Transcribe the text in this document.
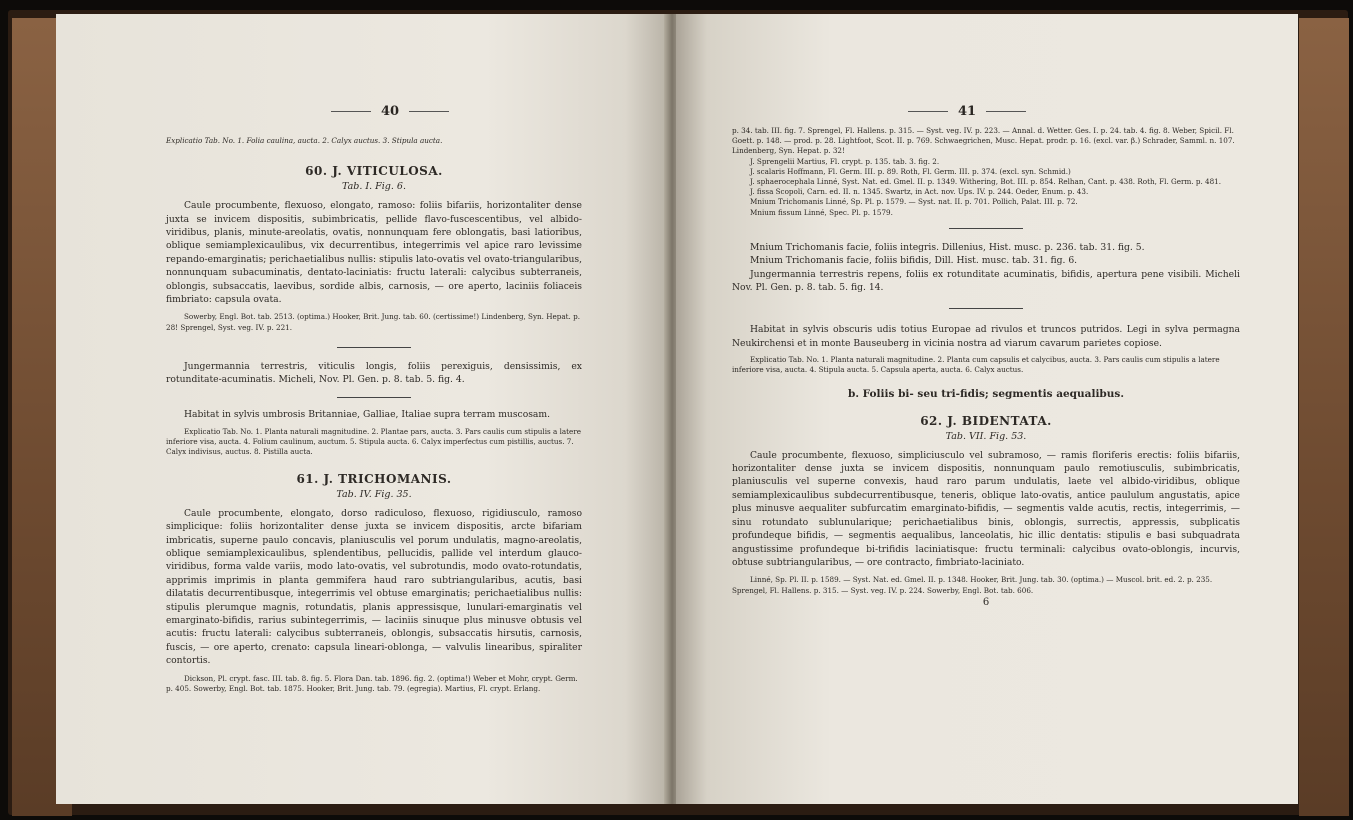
40

Explicatio Tab. No. 1. Folia caulina, aucta. 2. Calyx auctus. 3. Stipula aucta.

60. J. VITICULOSA.

Tab. I. Fig. 6.

Caule procumbente, flexuoso, elongato, ramoso: foliis bifariis, horizontaliter dense juxta se invicem dispositis, subimbricatis, pellide flavo-fuscescentibus, vel albido-viridibus, planis, minute-areolatis, ovatis, nonnunquam fere oblongatis, basi latioribus, oblique semiamplexicaulibus, vix decurrentibus, integerrimis vel apice raro levissime repando-emarginatis; perichaetialibus nullis: stipulis lato-ovatis vel ovato-triangularibus, nonnunquam subacuminatis, dentato-laciniatis: fructu laterali: calycibus subterraneis, oblongis, subsaccatis, laevibus, sordide albis, carnosis, — ore aperto, laciniis foliaceis fimbriato: capsula ovata.

Sowerby, Engl. Bot. tab. 2513. (optima.) Hooker, Brit. Jung. tab. 60. (certissime!) Lindenberg, Syn. Hepat. p. 28! Sprengel, Syst. veg. IV. p. 221.

Jungermannia terrestris, viticulis longis, foliis perexiguis, densissimis, ex rotunditate-acuminatis. Micheli, Nov. Pl. Gen. p. 8. tab. 5. fig. 4.

Habitat in sylvis umbrosis Britanniae, Galliae, Italiae supra terram muscosam.

Explicatio Tab. No. 1. Planta naturali magnitudine. 2. Plantae pars, aucta. 3. Pars caulis cum stipulis a latere inferiore visa, aucta. 4. Folium caulinum, auctum. 5. Stipula aucta. 6. Calyx imperfectus cum pistillis, auctus. 7. Calyx indivisus, auctus. 8. Pistilla aucta.

61. J. TRICHOMANIS.

Tab. IV. Fig. 35.

Caule procumbente, elongato, dorso radiculoso, flexuoso, rigidiusculo, ramoso simplicique: foliis horizontaliter dense juxta se invicem dispositis, arcte bifariam imbricatis, superne paulo concavis, planiusculis vel porum undulatis, magno-areolatis, oblique semiamplexicaulibus, splendentibus, pellucidis, pallide vel interdum glauco-viridibus, forma valde variis, modo lato-ovatis, vel subrotundis, modo ovato-rotundatis, apprimis imprimis in planta gemmifera haud raro subtriangularibus, acutis, basi dilatatis decurrentibusque, integerrimis vel obtuse emarginatis; perichaetialibus nullis: stipulis plerumque magnis, rotundatis, planis appressisque, lunulari-emarginatis vel emarginato-bifidis, rarius subintegerrimis, — laciniis sinuque plus minusve obtusis vel acutis: fructu laterali: calycibus subterraneis, oblongis, subsaccatis hirsutis, carnosis, fuscis, — ore aperto, crenato: capsula lineari-oblonga, — valvulis linearibus, spiraliter contortis.

Dickson, Pl. crypt. fasc. III. tab. 8. fig. 5. Flora Dan. tab. 1896. fig. 2. (optima!) Weber et Mohr, crypt. Germ. p. 405. Sowerby, Engl. Bot. tab. 1875. Hooker, Brit. Jung. tab. 79. (egregia). Martius, Fl. crypt. Erlang.

41

p. 34. tab. III. fig. 7. Sprengel, Fl. Hallens. p. 315. — Syst. veg. IV. p. 223. — Annal. d. Wetter. Ges. I. p. 24. tab. 4. fig. 8. Weber, Spicil. Fl. Goett. p. 148. — prod. p. 28. Lightfoot, Scot. II. p. 769. Schwaegrichen, Musc. Hepat. prodr. p. 16. (excl. var. β.) Schrader, Samml. n. 107. Lindenberg, Syn. Hepat. p. 32!

J. Sprengelii Martius, Fl. crypt. p. 135. tab. 3. fig. 2.

J. scalaris Hoffmann, Fl. Germ. III. p. 89. Roth, Fl. Germ. III. p. 374. (excl. syn. Schmid.)

J. sphaerocephala Linné, Syst. Nat. ed. Gmel. II. p. 1349. Withering, Bot. III. p. 854. Relhan, Cant. p. 438. Roth, Fl. Germ. p. 481.

J. fissa Scopoli, Carn. ed. II. n. 1345. Swartz, in Act. nov. Ups. IV. p. 244. Oeder, Enum. p. 43.

Mnium Trichomanis Linné, Sp. Pl. p. 1579. — Syst. nat. II. p. 701. Pollich, Palat. III. p. 72.

Mnium fissum Linné, Spec. Pl. p. 1579.

Mnium Trichomanis facie, foliis integris. Dillenius, Hist. musc. p. 236. tab. 31. fig. 5.

Mnium Trichomanis facie, foliis bifidis, Dill. Hist. musc. tab. 31. fig. 6.

Jungermannia terrestris repens, foliis ex rotunditate acuminatis, bifidis, apertura pene visibili. Micheli Nov. Pl. Gen. p. 8. tab. 5. fig. 14.

Habitat in sylvis obscuris udis totius Europae ad rivulos et truncos putridos. Legi in sylva permagna Neukirchensi et in monte Bauseuberg in vicinia nostra ad viarum cavarum parietes copiose.

Explicatio Tab. No. 1. Planta naturali magnitudine. 2. Planta cum capsulis et calycibus, aucta. 3. Pars caulis cum stipulis a latere inferiore visa, aucta. 4. Stipula aucta. 5. Capsula aperta, aucta. 6. Calyx auctus.

b. Foliis bi- seu tri-fidis; segmentis aequalibus.

62. J. BIDENTATA.

Tab. VII. Fig. 53.

Caule procumbente, flexuoso, simpliciusculo vel subramoso, — ramis floriferis erectis: foliis bifariis, horizontaliter dense juxta se invicem dispositis, nonnunquam paulo remotiusculis, subimbricatis, planiusculis vel superne convexis, haud raro parum undulatis, laete vel albido-viridibus, oblique semiamplexicaulibus subdecurrentibusque, teneris, oblique lato-ovatis, antice paululum angustatis, apice plus minusve aequaliter subfurcatim emarginato-bifidis, — segmentis valde acutis, rectis, integerrimis, — sinu rotundato sublunularique; perichaetialibus binis, oblongis, surrectis, appressis, subplicatis profundeque bifidis, — segmentis aequalibus, lanceolatis, hic illic dentatis: stipulis e basi subquadrata angustissime profundeque bi-trifidis laciniatisque: fructu terminali: calycibus ovato-oblongis, incurvis, obtuse subtriangularibus, — ore contracto, fimbriato-laciniato.

Linné, Sp. Pl. II. p. 1589. — Syst. Nat. ed. Gmel. II. p. 1348. Hooker, Brit. Jung. tab. 30. (optima.) — Muscol. brit. ed. 2. p. 235. Sprengel, Fl. Hallens. p. 315. — Syst. veg. IV. p. 224. Sowerby, Engl. Bot. tab. 606.

6
